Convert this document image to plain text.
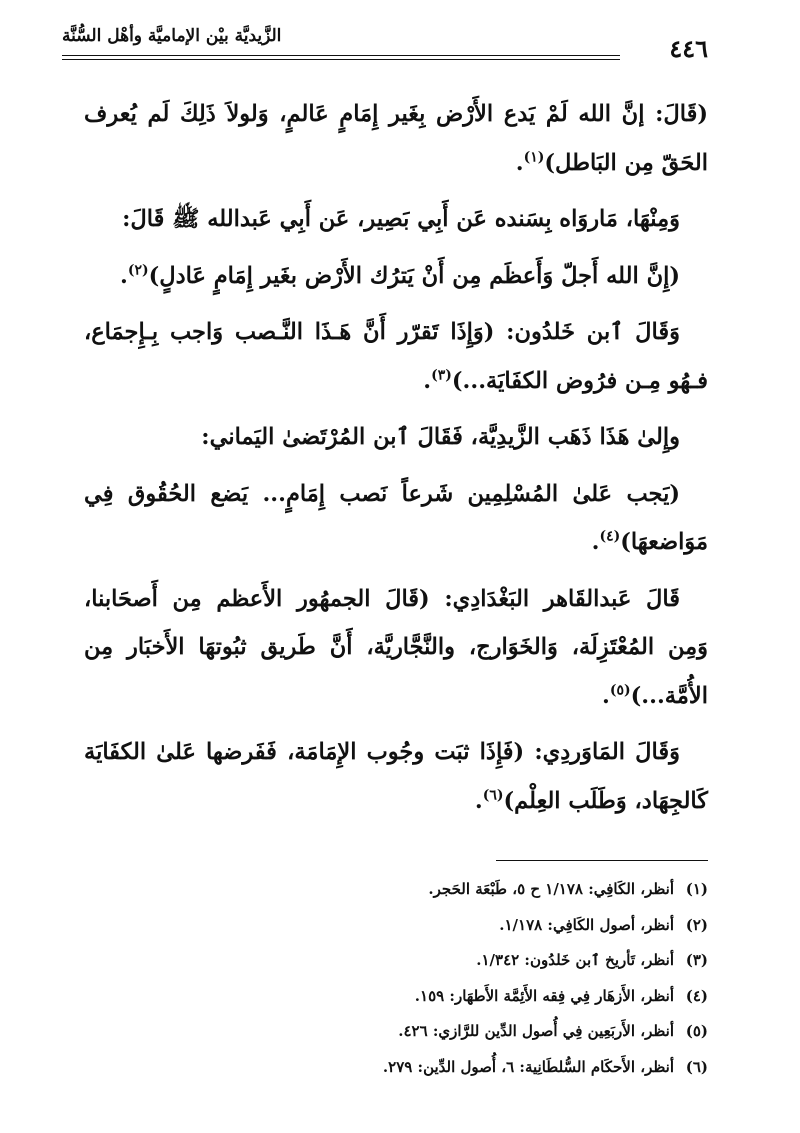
٤٤٦
الزَّيديَّة بيْن الإماميَّة وأهْل السُّنَّة

(قَالَ: إنَّ الله لَمْ يَدع الأَرْض بِغَير إِمَامٍ عَالمٍ، وَلولاَ ذَلِكَ لَم يُعرف الحَقّ مِن البَاطل)$^{(١)}$.

وَمِنْهَا، مَاروَاه بِسَنده عَن أَبِي بَصِير، عَن أَبِي عَبدالله ﷺ قَالَ:

(إِنَّ الله أَجلّ وَأَعظَم مِن أَنْ يَترُك الأَرْض بغَير إِمَامٍ عَادلٍ)$^{(٢)}$.

وَقَالَ ٱبن خَلدُون: (وَإِذَا تَقرّر أَنَّ هَـذَا النَّـصب وَاجب بِـإِجمَاع، فـهُو مِـن فرُوض الكفَايَة...)$^{(٣)}$.

وإِلىٰ هَذَا ذَهَب الزَّيدِيَّة، فَقَالَ ٱبن المُرْتَضىٰ اليَماني:

(يَجب عَلىٰ المُسْلِمِين شَرعاً نَصب إِمَامٍ... يَضع الحُقُوق فِي مَوَاضعهَا)$^{(٤)}$.

قَالَ عَبدالقَاهر البَغْدَادِي: (قَالَ الجمهُور الأَعظم مِن أَصحَابنا، وَمِن المُعْتَزِلَة، وَالخَوَارج، والنَّجَّاريَّة، أَنَّ طَريق ثبُوتهَا الأَخبَار مِن الأُمَّة...)$^{(٥)}$.

وَقَالَ المَاوَردِي: (فَإِذَا ثبَت وجُوب الإِمَامَة، فَفَرضها عَلىٰ الكفَايَة كَالجِهَاد، وَطَلَب العِلْم)$^{(٦)}$.

(١)أنظر، الكَافِي: ١/١٧٨ ح ٥، طَبْعَة الحَجر.
(٢)أنظر، أصول الكَافِي: ١/١٧٨.
(٣)أنظر، تَأريخ ٱبن خَلدُون: ١/٣٤٢.
(٤)أنظر، الأَزهَار فِي فِقه الأَئِمَّة الأَطهَار: ١٥٩.
(٥)أنظر، الأَربَعِين فِي أُصول الدِّين للرَّازي: ٤٢٦.
(٦)أنظر، الأَحكَام السُّلطَانِية: ٦، أُصول الدِّين: ٢٧٩.
